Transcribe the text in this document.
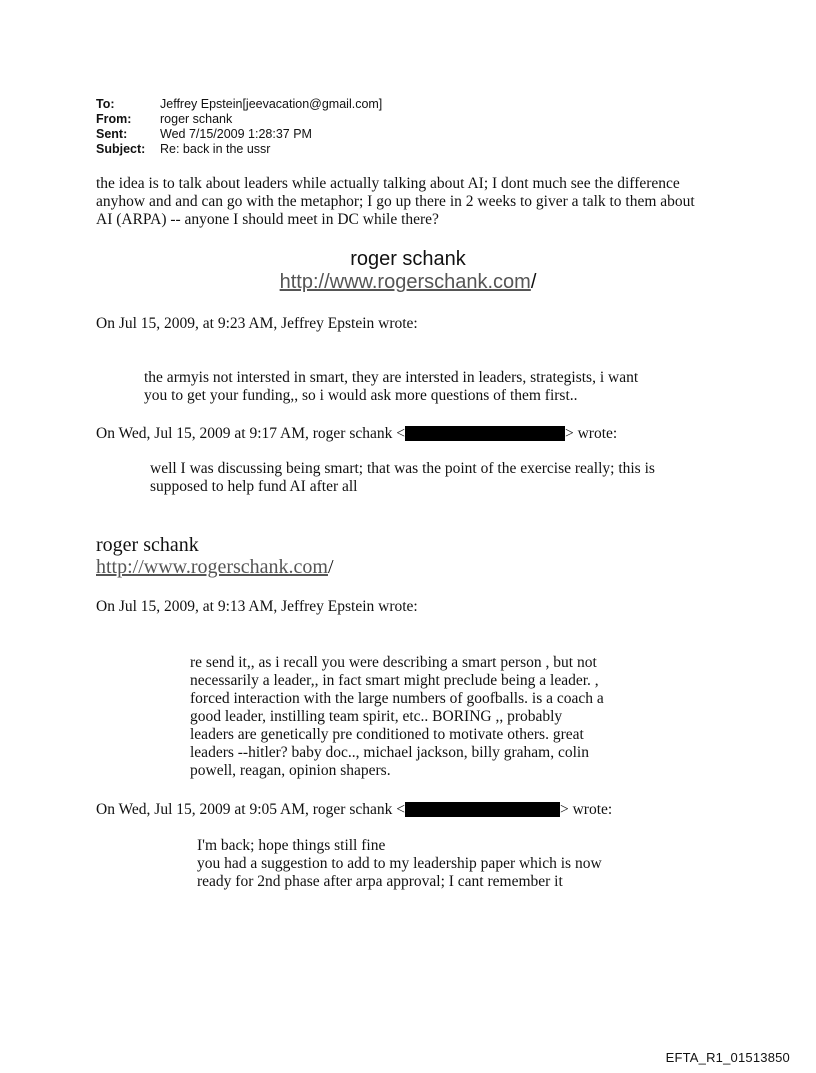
To:	Jeffrey Epstein[jeevacation@gmail.com]
From:	roger schank
Sent:	Wed 7/15/2009 1:28:37 PM
Subject:	Re: back in the ussr
the idea is to talk about leaders while actually talking about AI; I dont much see the difference
anyhow and and can go with the metaphor; I go up there in 2 weeks to giver a talk to them about
AI (ARPA) -- anyone I should meet in DC while there?
roger schank
http://www.rogerschank.com/
On Jul 15, 2009, at 9:23 AM, Jeffrey Epstein wrote:
the armyis not intersted in smart, they are intersted in leaders, strategists, i want
you to get your funding,, so i would ask more questions of them first..
On Wed, Jul 15, 2009 at 9:17 AM, roger schank <	> wrote:
well I was discussing being smart; that was the point of the exercise really; this is
supposed to help fund AI after all
roger schank
http://www.rogerschank.com/
On Jul 15, 2009, at 9:13 AM, Jeffrey Epstein wrote:
re send it,, as i recall you were describing a smart person , but not
necessarily a leader,, in fact smart might preclude being a leader. ,
forced interaction with the large numbers of goofballs. is a coach a
good leader, instilling team spirit, etc.. BORING ,, probably
leaders are genetically pre conditioned to motivate others. great
leaders --hitler? baby doc.., michael jackson, billy graham, colin
powell, reagan, opinion shapers.
On Wed, Jul 15, 2009 at 9:05 AM, roger schank <	> wrote:
I'm back; hope things still fine
you had a suggestion to add to my leadership paper which is now
ready for 2nd phase after arpa approval; I cant remember it
EFTA_R1_01513850
